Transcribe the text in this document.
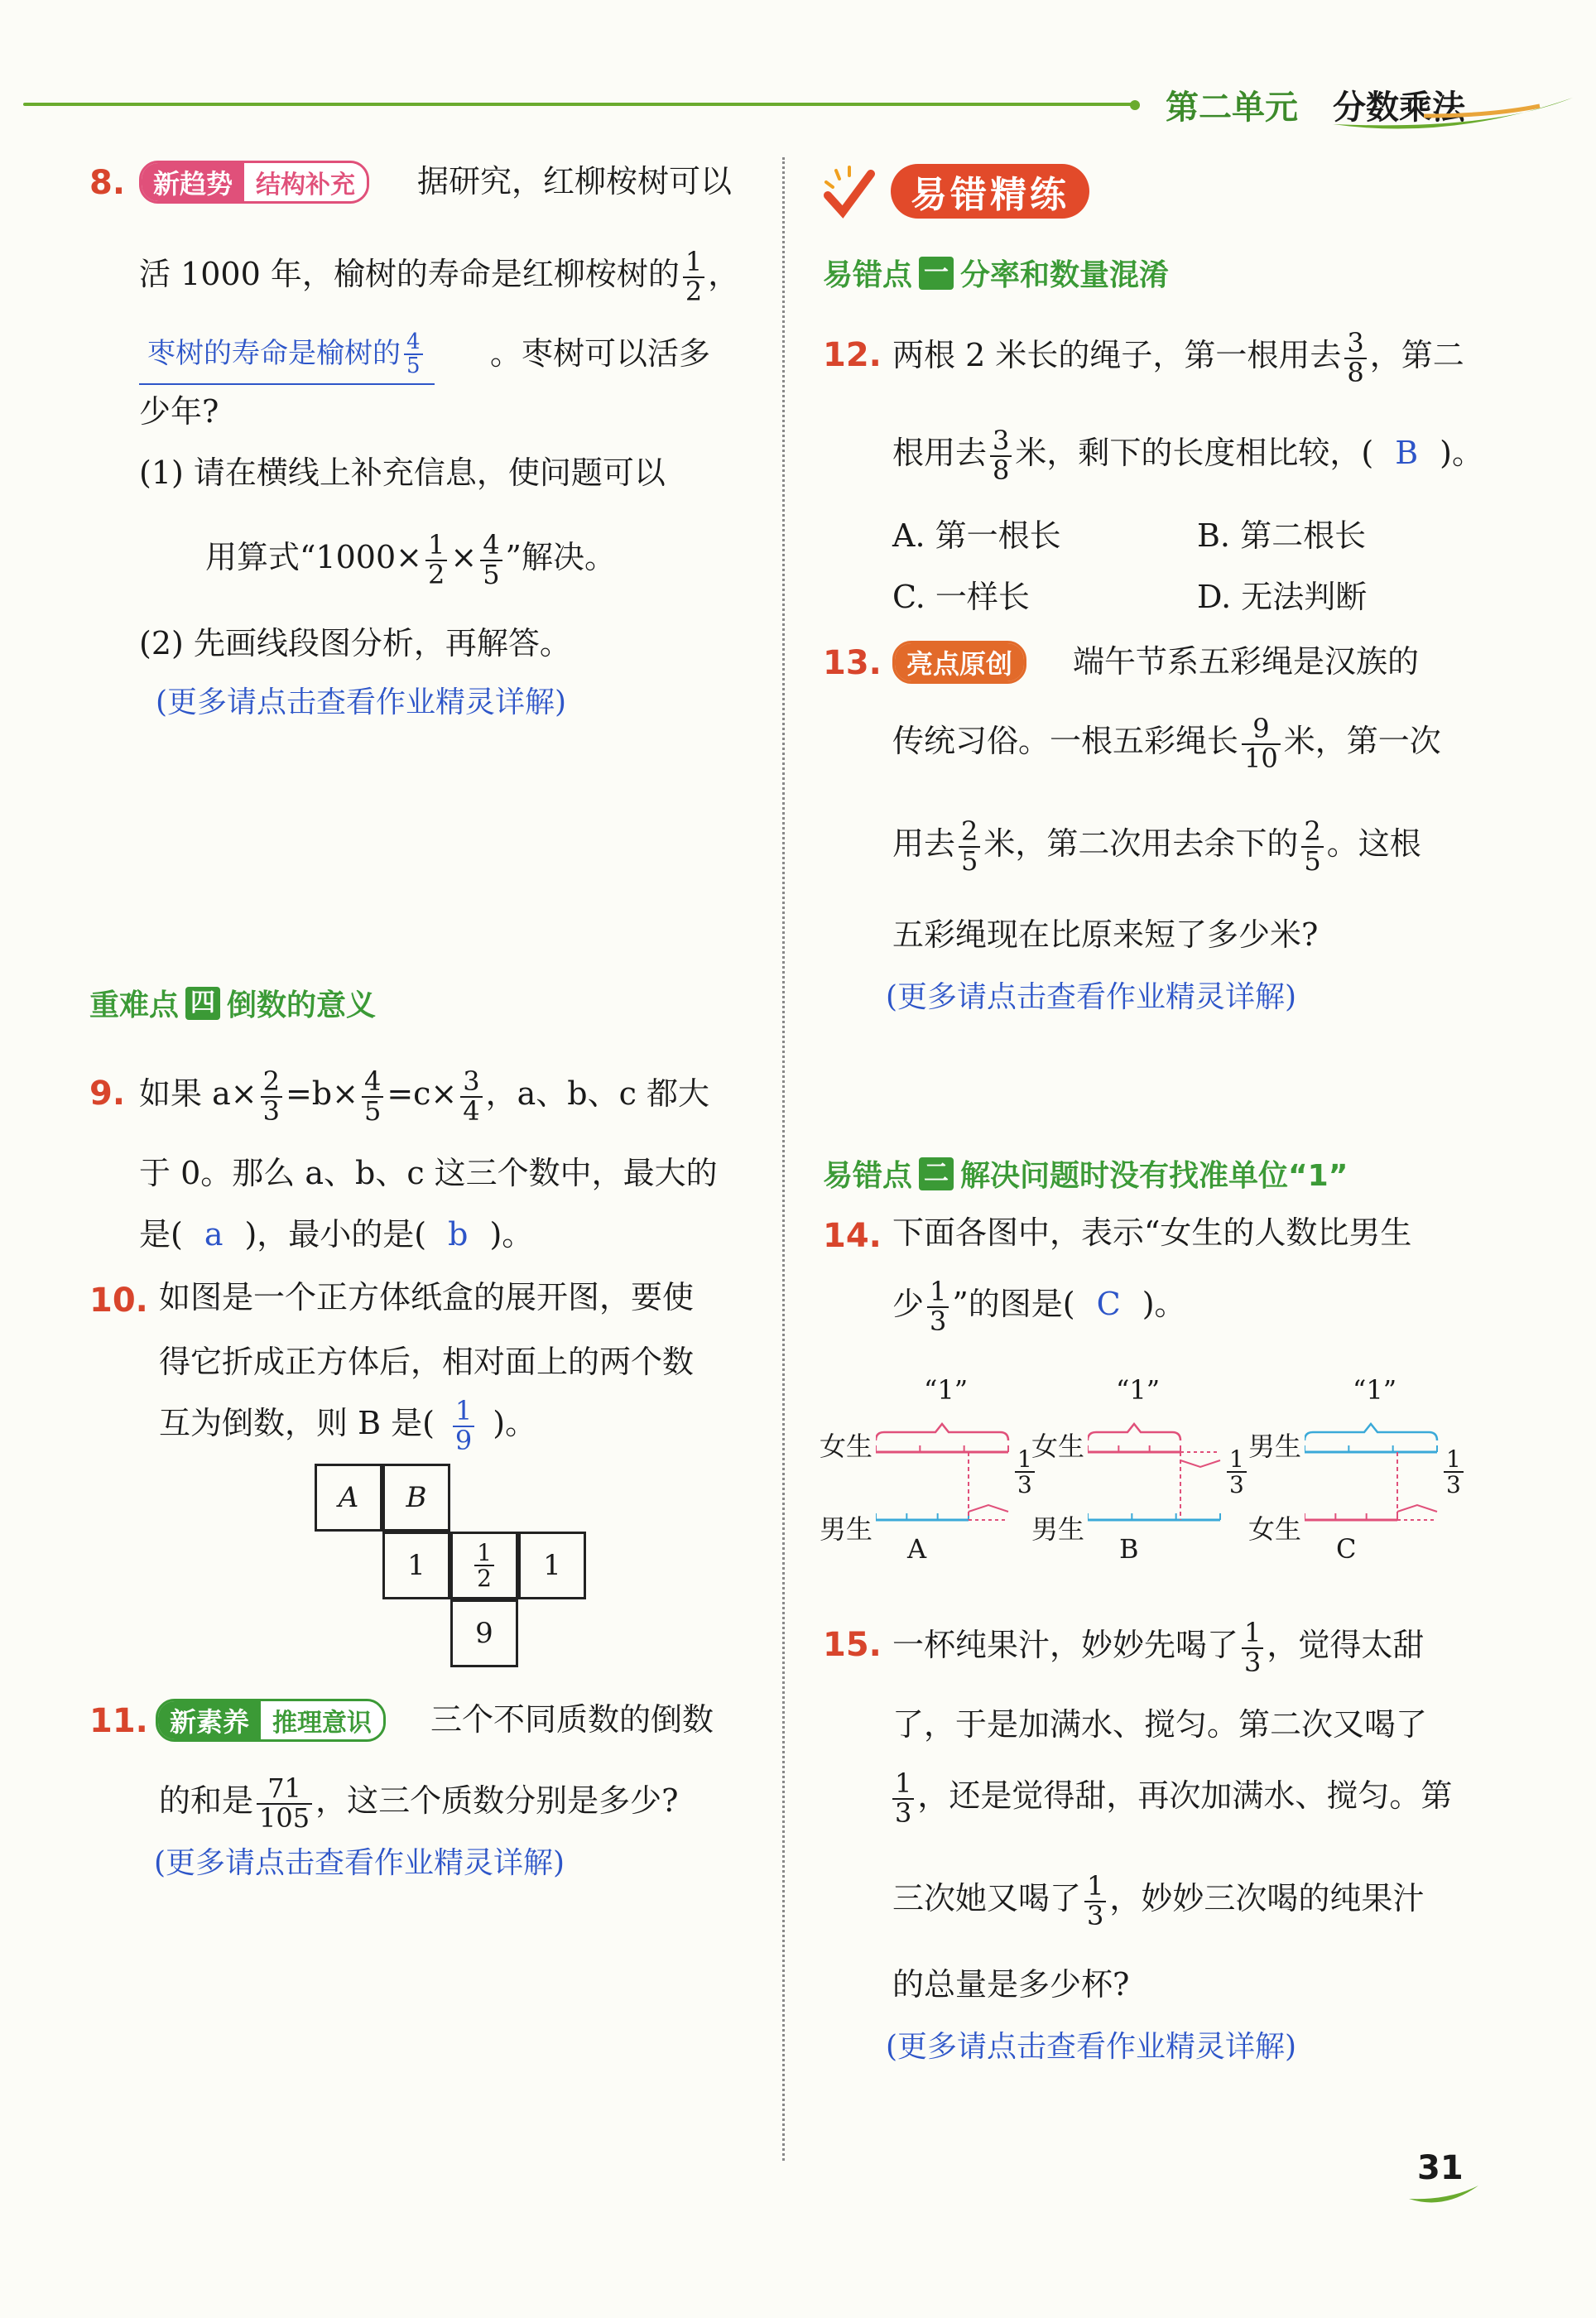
第二单元 分数乘法
8.	新趋势 结构补充	据研究，红柳桉树可以
活 1000 年，榆树的寿命是红柳桉树的 $\frac{1}{2}$ ，
枣树的寿命是榆树的 $\frac{4}{5}$ 。枣树可以活多
少年?
(1) 请在横线上补充信息，使问题可以
用算式“$1000\times \frac{1}{2} \times \frac{4}{5}$ ”解决。
(2) 先画线段图分析，再解答。
(更多请点击查看作业精灵详解)
重难点 四 倒数的意义
9. 如果 $a\times \frac{2}{3} =b\times \frac{4}{5} =c\times \frac{3}{4}$ ，a、b、c 都大
于 0。那么 a、b、c 这三个数中，最大的
是( a )，最小的是( b )。
10. 如图是一个正方体纸盒的展开图，要使
得它折成正方体后，相对面上的两个数
互为倒数，则 B 是( $\frac{1}{9}$ )。
A	B
1	$\frac{1}{2}$	1
9
11. 新素养 推理意识	三个不同质数的倒数
的和是 $\frac{71}{105}$ ，这三个质数分别是多少?
(更多请点击查看作业精灵详解)
易错精练
易错点 一 分率和数量混淆
12. 两根 2 米长的绳子，第一根用去 $\frac{3}{8}$ ，第二
根用去 $\frac{3}{8}$ 米，剩下的长度相比较，( B )。
A. 第一根长	B. 第二根长
C. 一样长	D. 无法判断
13. 亮点原创	端午节系五彩绳是汉族的
传统习俗。一根五彩绳长 $\frac{9}{10}$ 米，第一次
用去 $\frac{2}{5}$ 米，第二次用去余下的 $\frac{2}{5}$ 。这根
五彩绳现在比原来短了多少米?
(更多请点击查看作业精灵详解)
易错点 二 解决问题时没有找准单位“1”
14. 下面各图中，表示“女生的人数比男生
少 $\frac{1}{3}$ ”的图是( C )。
女生
男生
“1”
A
$\frac{1}{3}$
女生
男生
“1”
B
$\frac{1}{3}$
男生
女生
“1”
C
$\frac{1}{3}$
15. 一杯纯果汁，妙妙先喝了 $\frac{1}{3}$ ，觉得太甜
了，于是加满水、搅匀。第二次又喝了
$\frac{1}{3}$ ，还是觉得甜，再次加满水、搅匀。第
三次她又喝了 $\frac{1}{3}$ ，妙妙三次喝的纯果汁
的总量是多少杯?
(更多请点击查看作业精灵详解)
31
